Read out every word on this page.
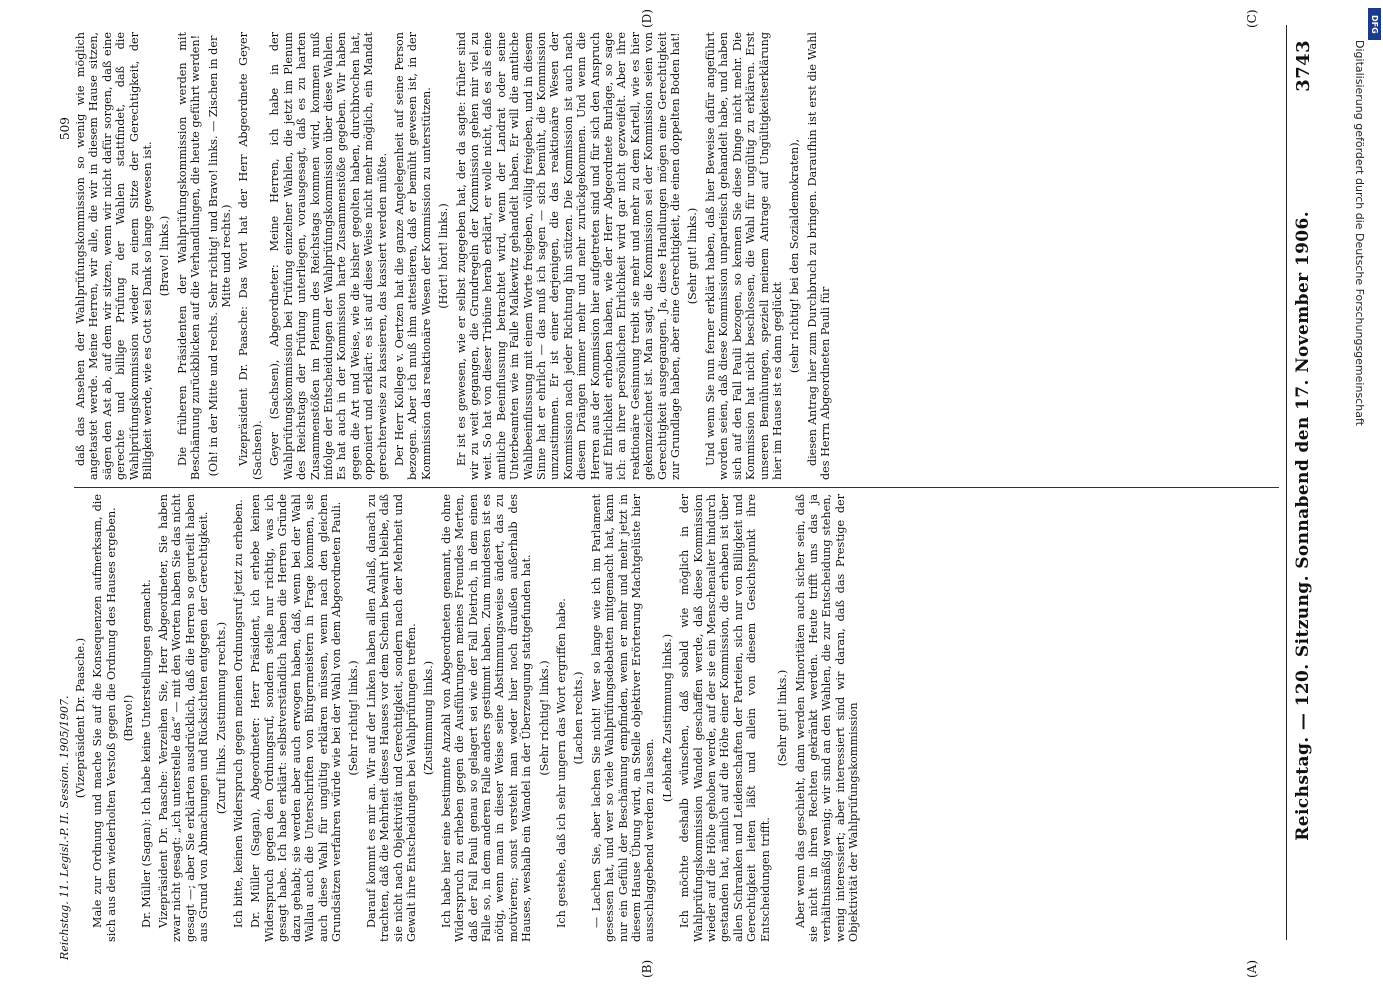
Reichstag. — 120. Sitzung. Sonnabend den 17. November 1906.
3743
(A)
(B)
(C)
(D)

(Vizepräsident Dr. Paasche.) Male zur Ordnung und mache Sie auf die Konsequenzen aufmerksam, die sich aus dem wiederholten Verstoß gegen die Ordnung des Hauses ergeben. (Bravo!) Dr. Müller (Sagan): Ich habe keine Unterstellungen gemacht. Vizepräsident Dr. Paasche: Verzeihen Sie, Herr Abgeordneter, Sie haben zwar nicht gesagt: „ich unterstelle das“ — mit den Worten haben Sie das nicht gesagt —; aber Sie erklärten ausdrücklich, daß die Herren so geurteilt haben aus Grund von Abmachungen und Rücksichten entgegen der Gerechtigkeit. (Zuruf links. Zustimmung rechts.) Ich bitte, keinen Widerspruch gegen meinen Ordnungsruf jetzt zu erheben. Dr. Müller (Sagan), Abgeordneter: Herr Präsident, ich erhebe keinen Widerspruch gegen den Ordnungsruf, sondern stelle nur richtig, was ich gesagt habe. Ich habe erklärt: selbstverständlich haben die Herren Gründe dazu gehabt; sie werden aber auch erwogen haben, daß, wenn bei der Wahl Wallau auch die Unterschriften von Bürgermeistern in Frage kommen, sie auch diese Wahl für ungültig erklären müssen, wenn nach den gleichen Grundsätzen verfahren würde wie bei der Wahl von dem Abgeordneten Pauli. (Sehr richtig! links.) Darauf kommt es mir an. Wir auf der Linken haben allen Anlaß, danach zu trachten, daß die Mehrheit dieses Hauses vor dem Schein bewahrt bleibe, daß sie nicht nach Objektivität und Gerechtigkeit, sondern nach der Mehrheit und Gewalt ihre Entscheidungen bei Wahlprüfungen treffen. (Zustimmung links.) Ich habe hier eine bestimmte Anzahl von Abgeordneten genannt, die ohne Widerspruch zu erheben gegen die Ausführungen meines Freundes Merten, daß der Fall Pauli genau so gelagert sei wie der Fall Dietrich, in dem einen Falle so, in dem anderen Falle anders gestimmt haben. Zum mindesten ist es nötig, wenn man in dieser Weise seine Abstimmungsweise ändert, das zu motivieren; sonst versteht man weder hier noch draußen außerhalb des Hauses, weshalb ein Wandel in der Überzeugung stattgefunden hat. (Sehr richtig! links.) Ich gestehe, daß ich sehr ungern das Wort ergriffen habe. (Lachen rechts.) — Lachen Sie, aber lachen Sie nicht! Wer so lange wie ich im Parlament gesessen hat, und wer so viele Wahlprüfungsdebatten mitgemacht hat, kann nur ein Gefühl der Beschämung empfinden, wenn er mehr und mehr jetzt in diesem Hause Übung wird, an Stelle objektiver Erörterung Machtgelüste hier ausschlaggebend werden zu lassen.

(Lebhafte Zustimmung links.) Ich möchte deshalb wünschen, daß sobald wie möglich in der Wahlprüfungskommission Wandel geschaffen werde, daß diese Kommission wieder auf die Höhe gehoben werde, auf der sie ein Menschenalter hindurch gestanden hat, nämlich auf die Höhe einer Kommission, die erhaben ist über allen Schranken und Leidenschaften der Parteien, sich nur von Billigkeit und Gerechtigkeit leiten läßt und allein von diesem Gesichtspunkt ihre Entscheidungen trifft.

(Sehr gut! links.) Aber wenn das geschieht, dann werden Minoritäten auch sicher sein, daß sie nicht in ihren Rechten gekränkt werden. Heute trifft uns das ja verhältnismäßig wenig; wir sind an den Wahlen, die zur Entscheidung stehen, wenig interessiert; aber interessiert sind wir daran, daß das Prestige der Objektivität der Wahlprüfungskommission

daß das Ansehen der Wahlprüfungskommission so wenig wie möglich angetastet werde. Meine Herren, wir alle, die wir in diesem Hause sitzen, sägen den Ast ab, auf dem wir sitzen, wenn wir nicht dafür sorgen, daß eine gerechte und billige Prüfung der Wahlen stattfindet, daß die Wahlprüfungskommission wieder zu einem Sitze der Gerechtigkeit, der Billigkeit werde, wie es Gott sei Dank so lange gewesen ist. (Bravo! links.) Die früheren Präsidenten der Wahlprüfungskommission werden mit Beschämung zurückblicken auf die Verhandlungen, die heute geführt werden! (Oh! in der Mitte und rechts. Sehr richtig! und Bravo! links. — Zischen in der Mitte und rechts.) Vizepräsident Dr. Paasche: Das Wort hat der Herr Abgeordnete Geyer (Sachsen). Geyer (Sachsen), Abgeordneter: Meine Herren, ich habe in der Wahlprüfungskommission bei Prüfung einzelner Wahlen, die jetzt im Plenum des Reichstags der Prüfung unterliegen, vorausgesagt, daß es zu harten Zusammenstößen im Plenum des Reichstags kommen wird, kommen muß infolge der Entscheidungen der Wahlprüfungskommission über diese Wahlen. Es hat auch in der Kommission harte Zusammenstöße gegeben. Wir haben gegen die Art und Weise, wie die bisher gegolten haben, durchbrochen hat, opponiert und erklärt: es ist auf diese Weise nicht mehr möglich, ein Mandat gerechterweise zu kassieren, das kassiert werden müßte. Der Herr Kollege v. Oertzen hat die ganze Angelegenheit auf seine Person bezogen. Aber ich muß ihm attestieren, daß er bemüht gewesen ist, in der Kommission das reaktionäre Wesen der Kommission zu unterstützen. (Hört! hört! links.) Er ist es gewesen, wie er selbst zugegeben hat, der da sagte: früher sind wir zu weit gegangen, die Grundregeln der Kommission gehen mir viel zu weit. So hat von dieser Tribüne herab erklärt, er wolle nicht, daß es als eine amtliche Beeinflussung betrachtet wird, wenn der Landrat oder seine Unterbeamten wie im Falle Malkewitz gehandelt haben. Er will die amtliche Wahlbeeinflussung mit einem Worte freigeben, völlig freigeben, und in diesem Sinne hat er ehrlich — das muß ich sagen — sich bemüht, die Kommission umzustimmen. Er ist einer derjenigen, die das reaktionäre Wesen der Kommission nach jeder Richtung hin stützen. Die Kommission ist auch nach diesem Drängen immer mehr und mehr zurückgekommen. Und wenn die Herren aus der Kommission hier aufgetreten sind und für sich den Anspruch auf Ehrlichkeit erhoben haben, wie der Herr Abgeordnete Burlage, so sage ich: an ihrer persönlichen Ehrlichkeit wird gar nicht gezweifelt. Aber ihre reaktionäre Gesinnung treibt sie mehr und mehr zu dem Kartell, wie es hier gekennzeichnet ist. Man sagt, die Kommission sei der Kommission seien von Gerechtigkeit ausgegangen. Ja, diese Handlungen mögen eine Gerechtigkeit zur Grundlage haben, aber eine Gerechtigkeit, die einen doppelten Boden hat! (Sehr gut! links.) Und wenn Sie nun ferner erklärt haben, daß hier Beweise dafür angeführt worden seien, daß diese Kommission unparteiisch gehandelt habe, und haben sich auf den Fall Pauli bezogen, so kennen Sie diese Dinge nicht mehr. Die Kommission hat nicht beschlossen, die Wahl für ungültig zu erklären. Erst unseren Bemühungen, speziell meinem Antrage auf Ungültigkeitserklärung hier im Hause ist es dann geglückt

(sehr richtig! bei den Sozialdemokraten), diesen Antrag hier zum Durchbruch zu bringen. Daraufhin ist erst die Wahl des Herrn Abgeordneten Pauli für

Reichstag. 11. Legisl.-P. II. Session. 1905/1907.
509	Digitalisierung gefördert durch die Deutsche Forschungsgemeinschaft
DFG
